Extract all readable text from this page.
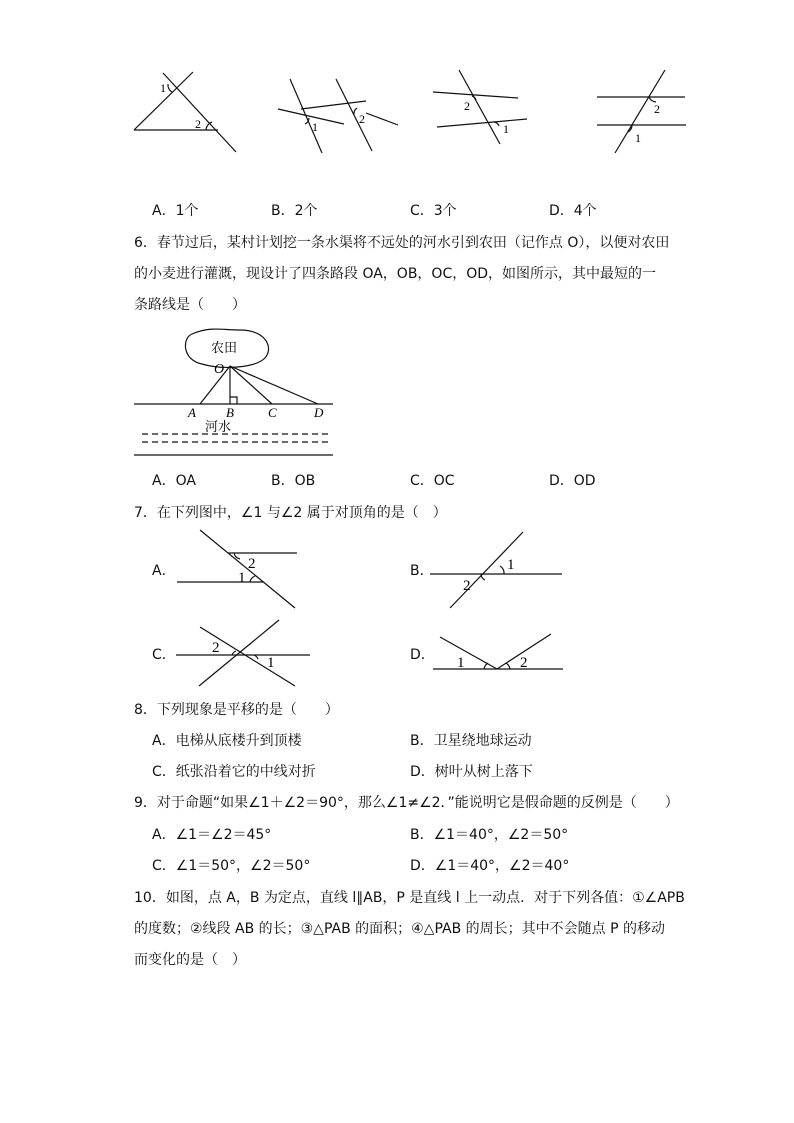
1
2	1
2
2
1
2
1
A．1个	B．2个	C．3个	D．4个
6．春节过后，某村计划挖一条水渠将不远处的河水引到农田（记作点 O），以便对农田
的小麦进行灌溉，现设计了四条路段 OA，OB，OC，OD，如图所示，其中最短的一
条路线是（　　）
农田
O
A B	C	D
河水
A．OA	B．OB	C．OC	D．OD
7．在下列图中，∠1 与∠2 属于对顶角的是（　）
A．	2
1	B．	1
2
C． 2
1	D． 1	2
8．下列现象是平移的是（　　）
A．电梯从底楼升到顶楼	B．卫星绕地球运动
C．纸张沿着它的中线对折	D．树叶从树上落下
9．对于命题“如果∠1＋∠2＝90°，那么∠1≠∠2．”能说明它是假命题的反例是（　　）
A．∠1＝∠2＝45°	B．∠1＝40°，∠2＝50°
C．∠1＝50°，∠2＝50°	D．∠1＝40°，∠2＝40°
10．如图，点 A，B 为定点，直线 l∥AB，P 是直线 l 上一动点．对于下列各值：①∠APB
的度数；②线段 AB 的长；③△PAB 的面积；④△PAB 的周长；其中不会随点 P 的移动
而变化的是（　）
